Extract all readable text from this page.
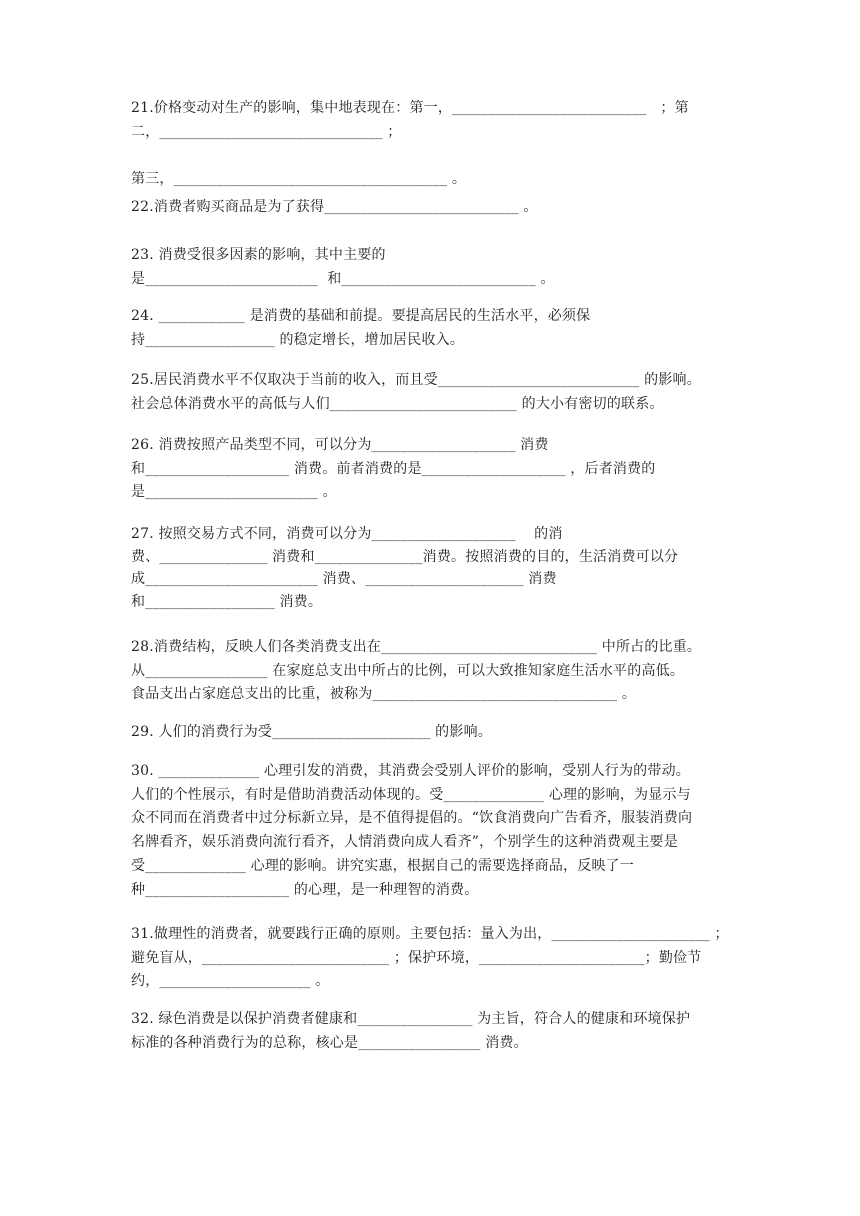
21.价格变动对生产的影响，集中地表现在：第一，___________________________   ；第
二，_______________________________ ；
第三，______________________________________ 。
22.消费者购买商品是为了获得___________________________ 。
23. 消费受很多因素的影响，其中主要的
是________________________  和___________________________ 。
24. ____________ 是消费的基础和前提。要提高居民的生活水平，必须保
持__________________ 的稳定增长，增加居民收入。
25.居民消费水平不仅取决于当前的收入，而且受____________________________ 的影响。
社会总体消费水平的高低与人们__________________________ 的大小有密切的联系。
26. 消费按照产品类型不同，可以分为____________________ 消费
和____________________ 消费。前者消费的是____________________ ，后者消费的
是________________________ 。
27. 按照交易方式不同，消费可以分为____________________    的消
费、_______________ 消费和_______________消费。按照消费的目的，生活消费可以分
成________________________ 消费、______________________ 消费
和__________________ 消费。
28.消费结构，反映人们各类消费支出在______________________________ 中所占的比重。
从_________________ 在家庭总支出中所占的比例，可以大致推知家庭生活水平的高低。
食品支出占家庭总支出的比重，被称为__________________________________ 。
29. 人们的消费行为受______________________ 的影响。
30. ______________ 心理引发的消费，其消费会受别人评价的影响，受别人行为的带动。
人们的个性展示，有时是借助消费活动体现的。受______________ 心理的影响，为显示与
众不同而在消费者中过分标新立异，是不值得提倡的。“饮食消费向广告看齐，服装消费向
名牌看齐，娱乐消费向流行看齐，人情消费向成人看齐”，个别学生的这种消费观主要是
受______________ 心理的影响。讲究实惠，根据自己的需要选择商品，反映了一
种____________________ 的心理，是一种理智的消费。
31.做理性的消费者，就要践行正确的原则。主要包括：量入为出，______________________ ；
避免盲从，__________________________ ；保护环境，_______________________；勤俭节
约，_____________________ 。
32. 绿色消费是以保护消费者健康和________________ 为主旨，符合人的健康和环境保护
标准的各种消费行为的总称，核心是_________________ 消费。
